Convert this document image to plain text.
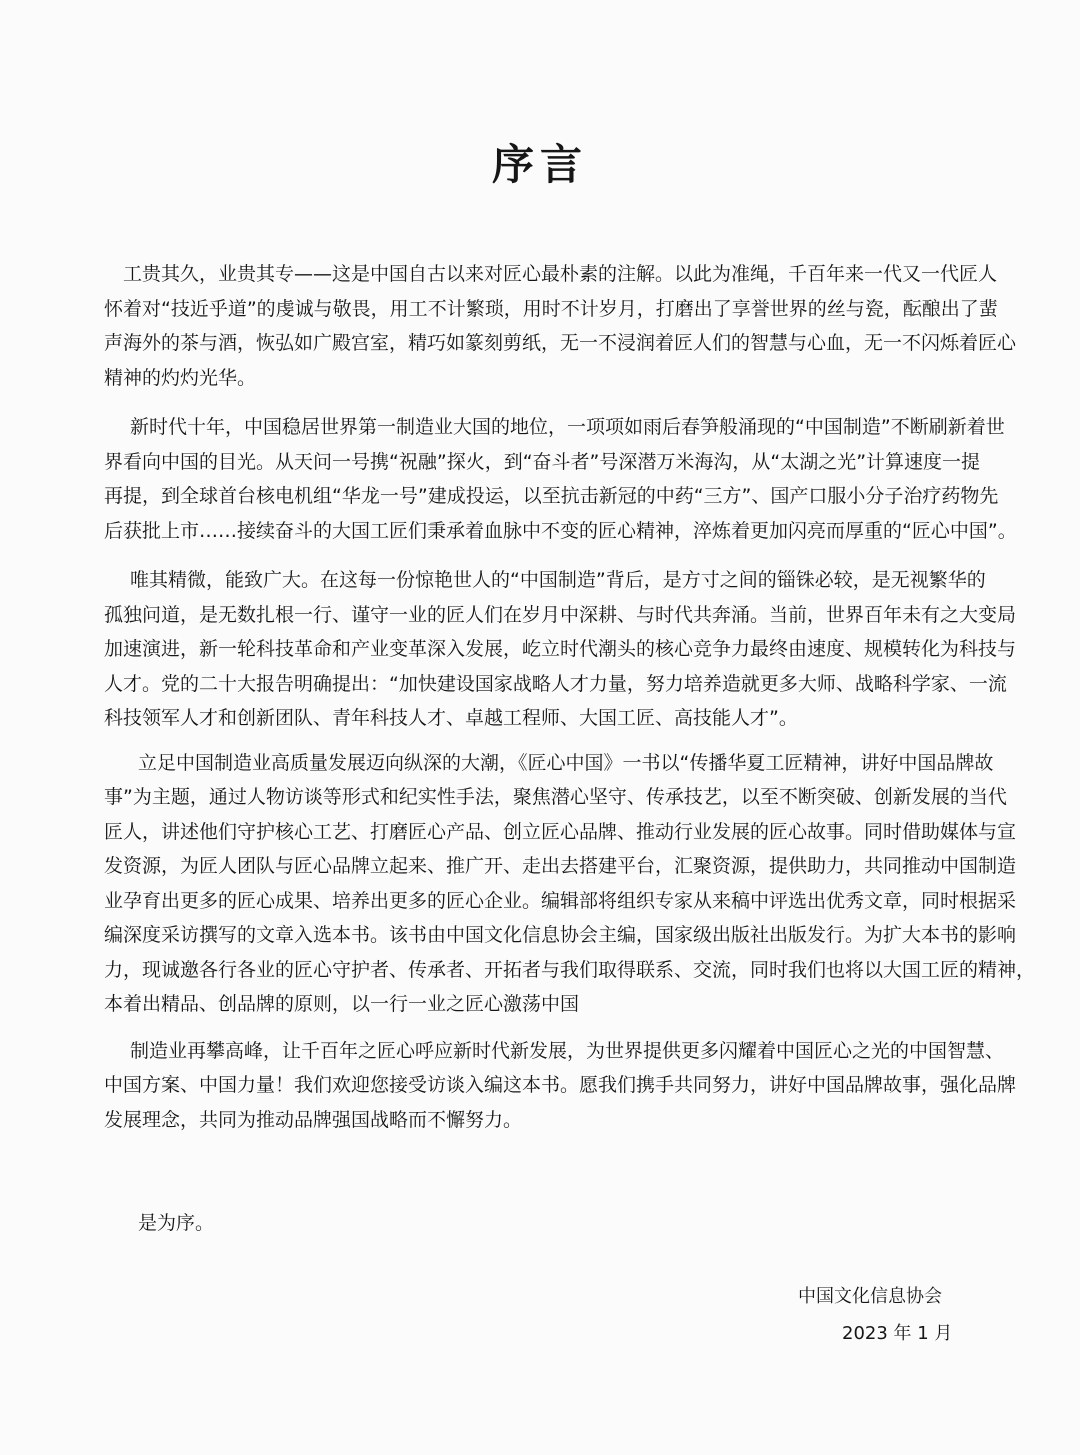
序言
工贵其久，业贵其专——这是中国自古以来对匠心最朴素的注解。以此为准绳，千百年来一代又一代匠人
怀着对“技近乎道”的虔诚与敬畏，用工不计繁琐，用时不计岁月，打磨出了享誉世界的丝与瓷，酝酿出了蜚
声海外的茶与酒，恢弘如广殿宫室，精巧如篆刻剪纸，无一不浸润着匠人们的智慧与心血，无一不闪烁着匠心
精神的灼灼光华。
新时代十年，中国稳居世界第一制造业大国的地位，一项项如雨后春笋般涌现的“中国制造”不断刷新着世
界看向中国的目光。从天问一号携“祝融”探火，到“奋斗者”号深潜万米海沟，从“太湖之光”计算速度一提
再提，到全球首台核电机组“华龙一号”建成投运，以至抗击新冠的中药“三方”、国产口服小分子治疗药物先
后获批上市……接续奋斗的大国工匠们秉承着血脉中不变的匠心精神，淬炼着更加闪亮而厚重的“匠心中国”。
唯其精微，能致广大。在这每一份惊艳世人的“中国制造”背后，是方寸之间的锱铢必较，是无视繁华的
孤独问道，是无数扎根一行、谨守一业的匠人们在岁月中深耕、与时代共奔涌。当前，世界百年未有之大变局
加速演进，新一轮科技革命和产业变革深入发展，屹立时代潮头的核心竞争力最终由速度、规模转化为科技与
人才。党的二十大报告明确提出：“加快建设国家战略人才力量，努力培养造就更多大师、战略科学家、一流
科技领军人才和创新团队、青年科技人才、卓越工程师、大国工匠、高技能人才”。
立足中国制造业高质量发展迈向纵深的大潮，《匠心中国》一书以“传播华夏工匠精神，讲好中国品牌故
事”为主题，通过人物访谈等形式和纪实性手法，聚焦潜心坚守、传承技艺，以至不断突破、创新发展的当代
匠人，讲述他们守护核心工艺、打磨匠心产品、创立匠心品牌、推动行业发展的匠心故事。同时借助媒体与宣
发资源，为匠人团队与匠心品牌立起来、推广开、走出去搭建平台，汇聚资源，提供助力，共同推动中国制造
业孕育出更多的匠心成果、培养出更多的匠心企业。编辑部将组织专家从来稿中评选出优秀文章，同时根据采
编深度采访撰写的文章入选本书。该书由中国文化信息协会主编，国家级出版社出版发行。为扩大本书的影响
力，现诚邀各行各业的匠心守护者、传承者、开拓者与我们取得联系、交流，同时我们也将以大国工匠的精神，
本着出精品、创品牌的原则，以一行一业之匠心激荡中国
制造业再攀高峰，让千百年之匠心呼应新时代新发展，为世界提供更多闪耀着中国匠心之光的中国智慧、
中国方案、中国力量！我们欢迎您接受访谈入编这本书。愿我们携手共同努力，讲好中国品牌故事，强化品牌
发展理念，共同为推动品牌强国战略而不懈努力。
是为序。
中国文化信息协会
2023 年 1 月
